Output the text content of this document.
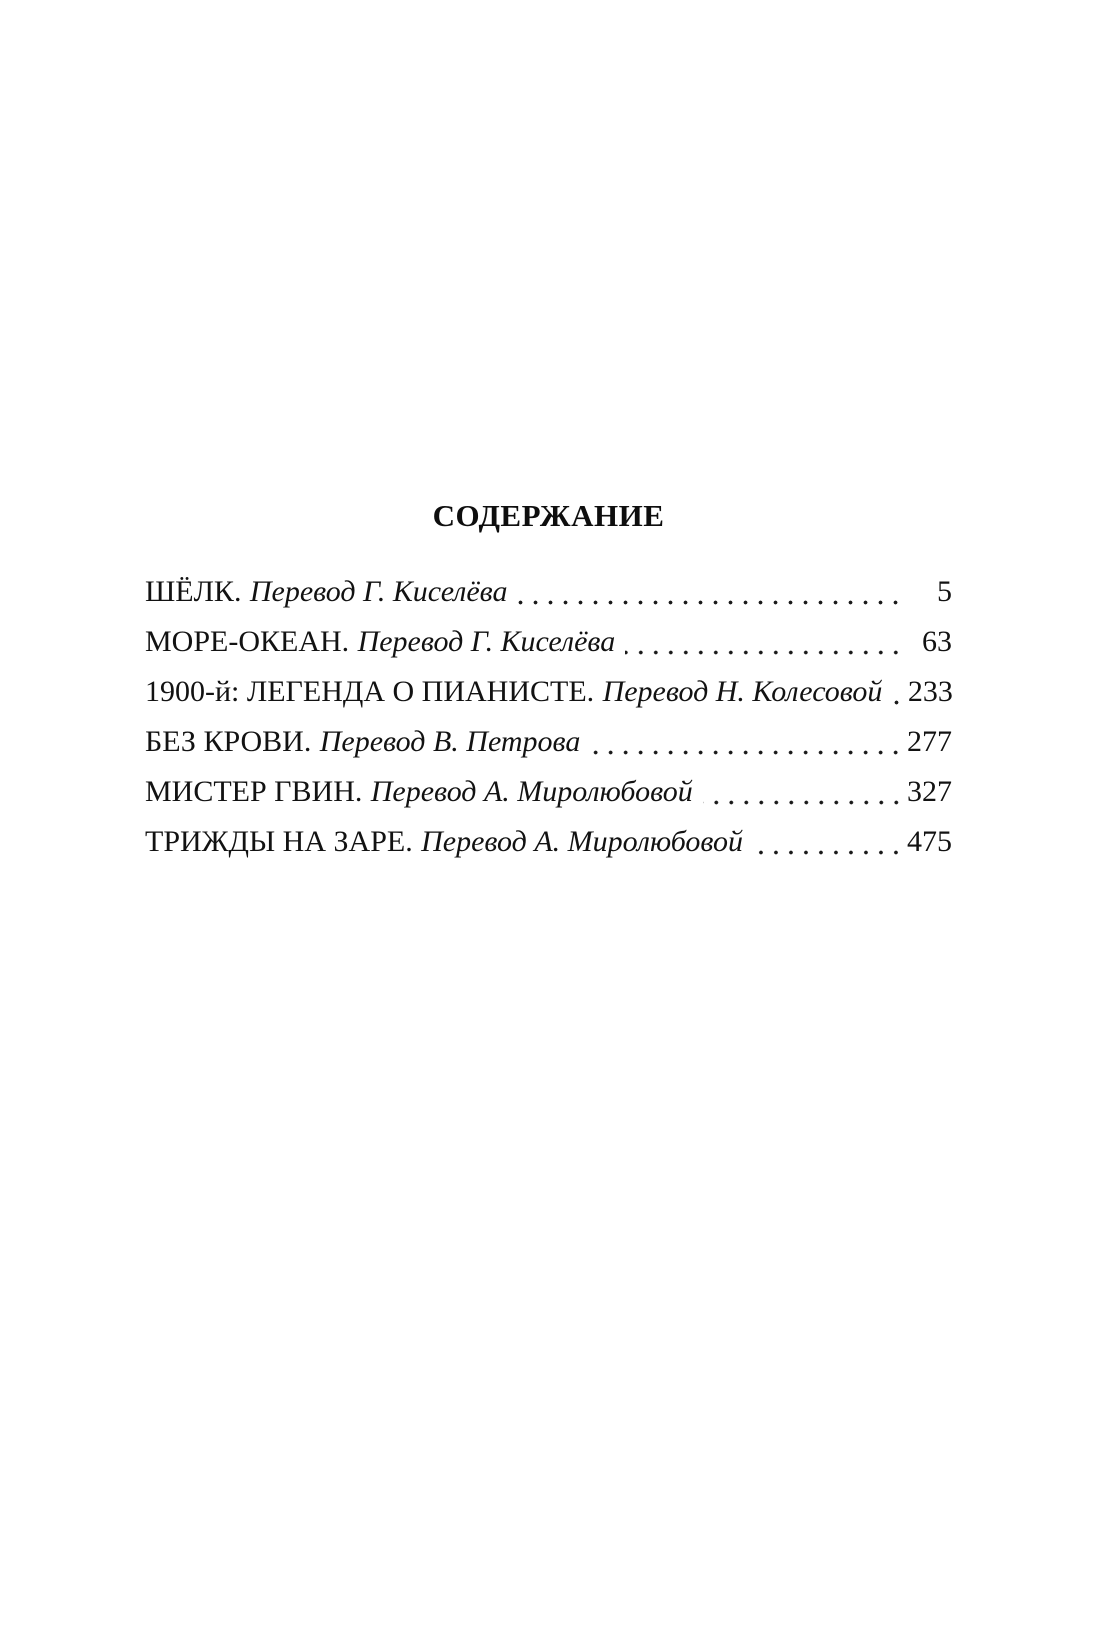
СОДЕРЖАНИЕ
ШЁЛК. Перевод Г. Киселёва	5
МОРЕ-ОКЕАН. Перевод Г. Киселёва	63
1900-й: ЛЕГЕНДА О ПИАНИСТЕ. Перевод Н. Колесовой 233
БЕЗ КРОВИ. Перевод В. Петрова	277
МИСТЕР ГВИН. Перевод А. Миролюбовой	327
ТРИЖДЫ НА ЗАРЕ. Перевод А. Миролюбовой	475
